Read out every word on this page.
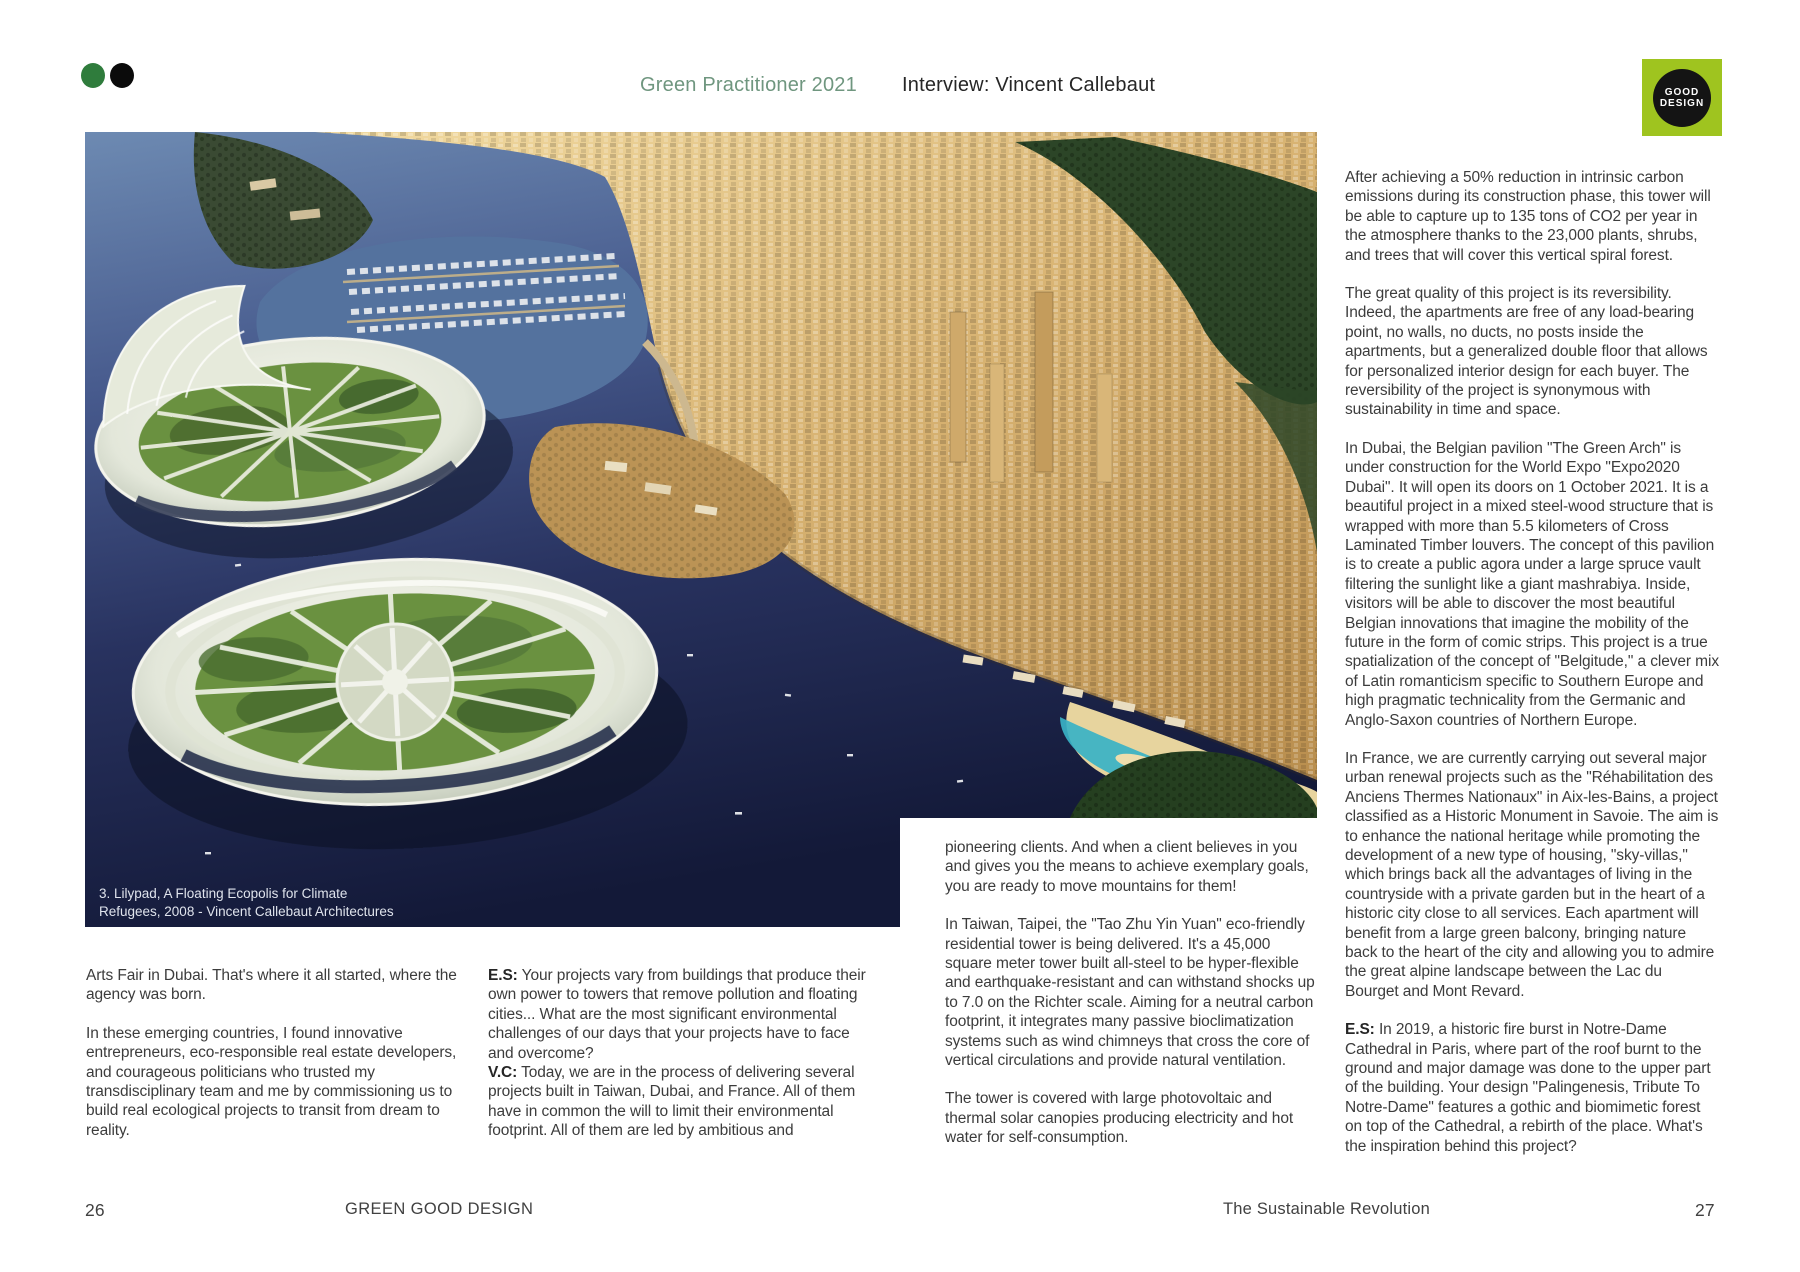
Green Practitioner 2021 Interview: Vincent Callebaut	GOOD
DESIGN
3. Lilypad, A Floating Ecopolis for Climate
Refugees, 2008 - Vincent Callebaut Architectures

Arts Fair in Dubai. That's where it all started, where the agency was born.

In these emerging countries, I found innovative entrepreneurs, eco-responsible real estate developers, and courageous politicians who trusted my transdisciplinary team and me by commissioning us to build real ecological projects to transit from dream to reality.

E.S: Your projects vary from buildings that produce their own power to towers that remove pollution and floating cities... What are the most significant environmental challenges of our days that your projects have to face and overcome?

V.C: Today, we are in the process of delivering several projects built in Taiwan, Dubai, and France. All of them have in common the will to limit their environmental footprint. All of them are led by ambitious and

pioneering clients. And when a client believes in you and gives you the means to achieve exemplary goals, you are ready to move mountains for them!

In Taiwan, Taipei, the "Tao Zhu Yin Yuan" eco-friendly residential tower is being delivered. It's a 45,000 square meter tower built all-steel to be hyper-flexible and earthquake-resistant and can withstand shocks up to 7.0 on the Richter scale. Aiming for a neutral carbon footprint, it integrates many passive bioclimatization systems such as wind chimneys that cross the core of vertical circulations and provide natural ventilation.

The tower is covered with large photovoltaic and thermal solar canopies producing electricity and hot water for self-consumption.

After achieving a 50% reduction in intrinsic carbon emissions during its construction phase, this tower will be able to capture up to 135 tons of CO2 per year in the atmosphere thanks to the 23,000 plants, shrubs, and trees that will cover this vertical spiral forest.

The great quality of this project is its reversibility. Indeed, the apartments are free of any load-bearing point, no walls, no ducts, no posts inside the apartments, but a generalized double floor that allows for personalized interior design for each buyer. The reversibility of the project is synonymous with sustainability in time and space.

In Dubai, the Belgian pavilion "The Green Arch" is under construction for the World Expo "Expo2020 Dubai". It will open its doors on 1 October 2021. It is a beautiful project in a mixed steel-wood structure that is wrapped with more than 5.5 kilometers of Cross Laminated Timber louvers. The concept of this pavilion is to create a public agora under a large spruce vault filtering the sunlight like a giant mashrabiya. Inside, visitors will be able to discover the most beautiful Belgian innovations that imagine the mobility of the future in the form of comic strips. This project is a true spatialization of the concept of "Belgitude," a clever mix of Latin romanticism specific to Southern Europe and high pragmatic technicality from the Germanic and Anglo-Saxon countries of Northern Europe.

In France, we are currently carrying out several major urban renewal projects such as the "Réhabilitation des Anciens Thermes Nationaux" in Aix-les-Bains, a project classified as a Historic Monument in Savoie. The aim is to enhance the national heritage while promoting the development of a new type of housing, "sky-villas," which brings back all the advantages of living in the countryside with a private garden but in the heart of a historic city close to all services. Each apartment will benefit from a large green balcony, bringing nature back to the heart of the city and allowing you to admire the great alpine landscape between the Lac du Bourget and Mont Revard.

E.S: In 2019, a historic fire burst in Notre-Dame Cathedral in Paris, where part of the roof burnt to the ground and major damage was done to the upper part of the building. Your design "Palingenesis, Tribute To Notre-Dame" features a gothic and biomimetic forest on top of the Cathedral, a rebirth of the place. What's the inspiration behind this project?

26	GREEN GOOD DESIGN	The Sustainable Revolution	27
